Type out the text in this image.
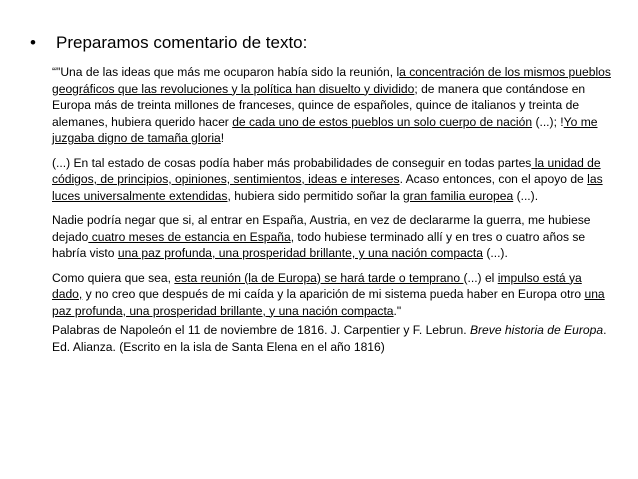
• Preparamos comentario de texto:

“"Una de las ideas que más me ocuparon había sido la reunión, la concentración de los mismos pueblos geográficos que las revoluciones y la política han disuelto y dividido; de manera que contándose en Europa más de treinta millones de franceses, quince de españoles, quince de italianos y treinta de alemanes, hubiera querido hacer de cada uno de estos pueblos un solo cuerpo de nación (...); !Yo me juzgaba digno de tamaña gloria!

(...) En tal estado de cosas podía haber más probabilidades de conseguir en todas partes la unidad de códigos, de principios, opiniones, sentimientos, ideas e intereses. Acaso entonces, con el apoyo de las luces universalmente extendidas, hubiera sido permitido soñar la gran familia europea (...).

Nadie podría negar que si, al entrar en España, Austria, en vez de declararme la guerra, me hubiese dejado cuatro meses de estancia en España, todo hubiese terminado allí y en tres o cuatro años se habría visto una paz profunda, una prosperidad brillante, y una nación compacta (...).

Como quiera que sea, esta reunión (la de Europa) se hará tarde o temprano (...) el impulso está ya dado, y no creo que después de mi caída y la aparición de mi sistema pueda haber en Europa otro una paz profunda, una prosperidad brillante, y una nación compacta."

Palabras de Napoleón el 11 de noviembre de 1816. J. Carpentier y F. Lebrun. Breve historia de Europa. Ed. Alianza. (Escrito en la isla de Santa Elena en el año 1816)
